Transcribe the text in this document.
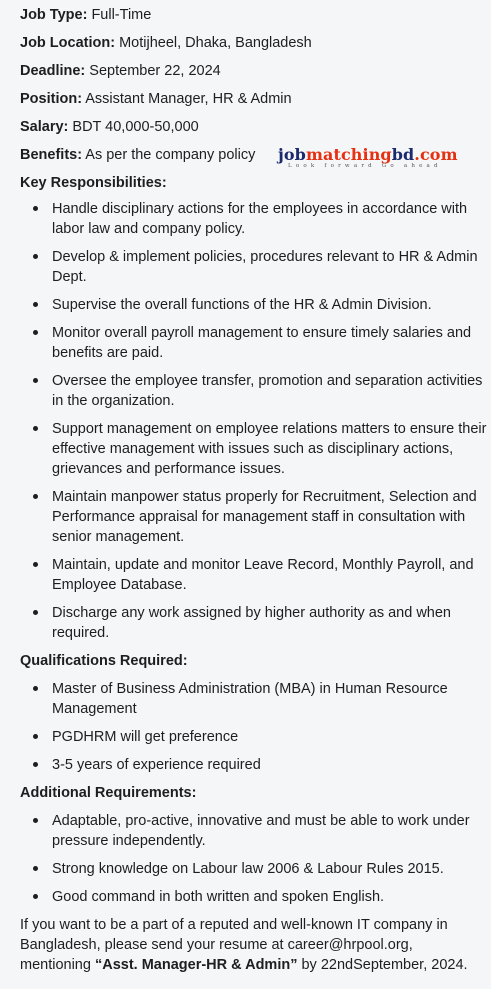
Job Type: Full-Time
Job Location: Motijheel, Dhaka, Bangladesh
Deadline: September 22, 2024
Position: Assistant Manager, HR & Admin
Salary: BDT 40,000-50,000
Benefits: As per the company policy jobmatchingbd.com
Look forward Go ahead
Key Responsibilities:
Handle disciplinary actions for the employees in accordance with labor law and company policy.
Develop & implement policies, procedures relevant to HR & Admin Dept.
Supervise the overall functions of the HR & Admin Division.
Monitor overall payroll management to ensure timely salaries and benefits are paid.
Oversee the employee transfer, promotion and separation activities in the organization.
Support management on employee relations matters to ensure their effective management with issues such as disciplinary actions, grievances and performance issues.
Maintain manpower status properly for Recruitment, Selection and Performance appraisal for management staff in consultation with senior management.
Maintain, update and monitor Leave Record, Monthly Payroll, and Employee Database.
Discharge any work assigned by higher authority as and when required.
Qualifications Required:
Master of Business Administration (MBA) in Human Resource Management
PGDHRM will get preference
3-5 years of experience required
Additional Requirements:
Adaptable, pro-active, innovative and must be able to work under pressure independently.
Strong knowledge on Labour law 2006 & Labour Rules 2015.
Good command in both written and spoken English.
If you want to be a part of a reputed and well-known IT company in Bangladesh, please send your resume at career@hrpool.org, mentioning “Asst. Manager-HR & Admin” by 22ndSeptember, 2024.
